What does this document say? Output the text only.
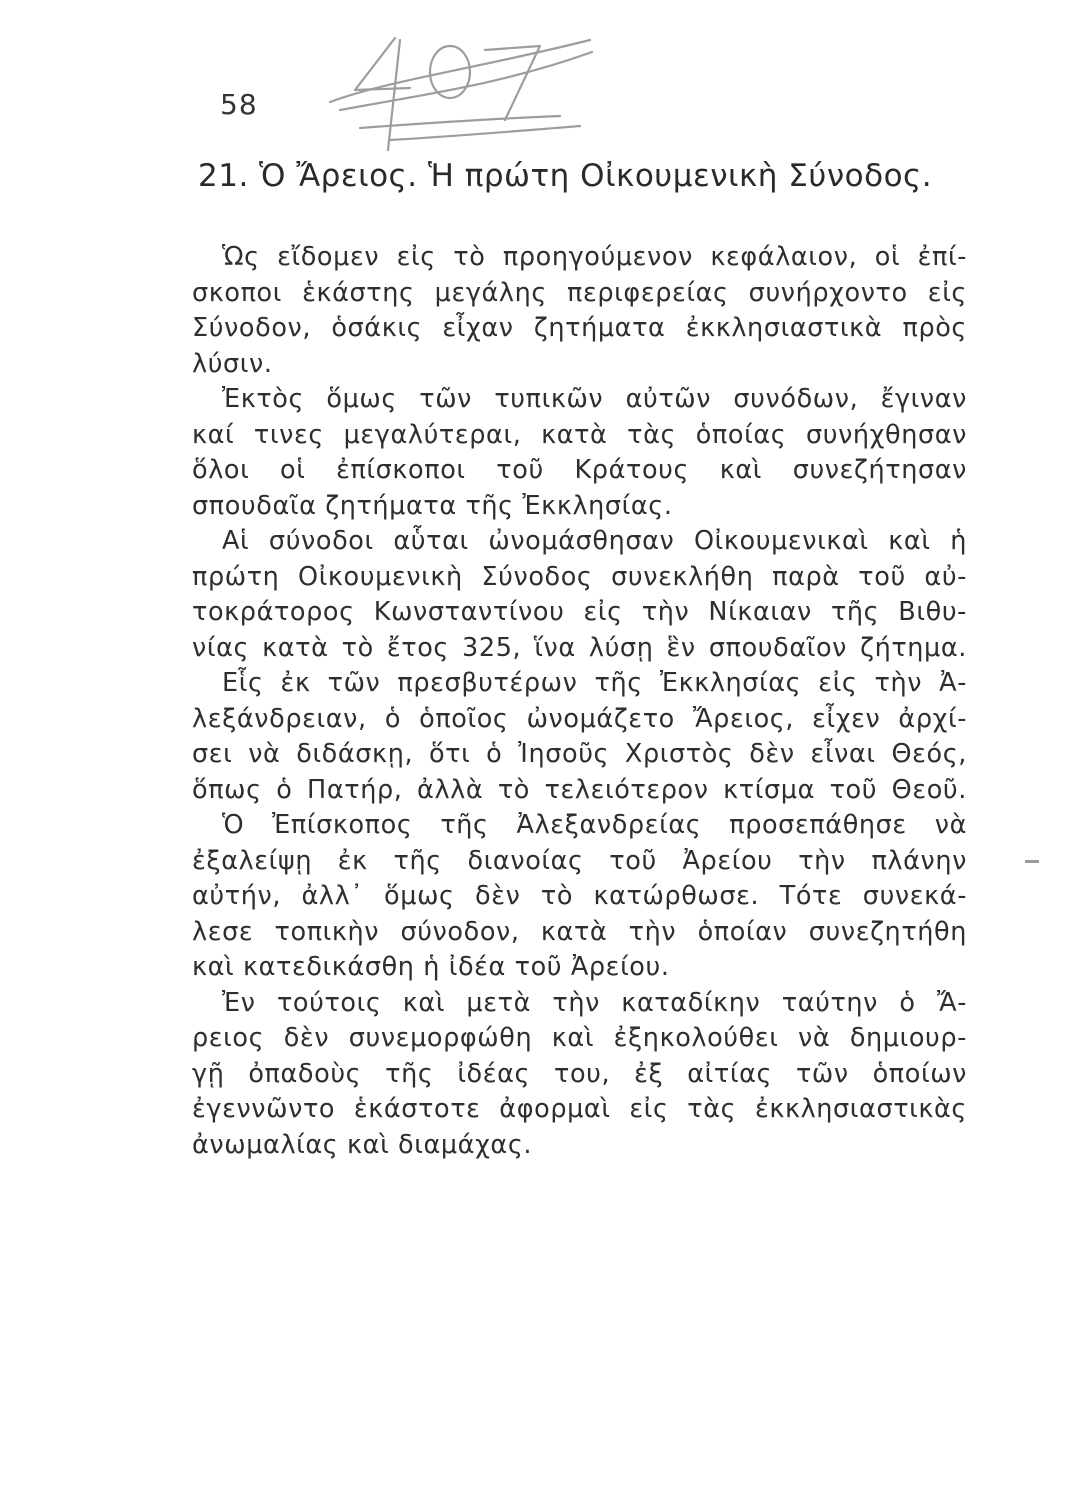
58
21. Ὁ Ἄρειος. Ἡ πρώτη Οἰκουμενικὴ Σύνοδος.
Ὡς εἴδομεν εἰς τὸ προηγούμενον κεφάλαιον, οἱ ἐπί-
σκοποι ἑκάστης μεγάλης περιφερείας συνήρχοντο εἰς
Σύνοδον, ὁσάκις εἶχαν ζητήματα ἐκκλησιαστικὰ πρὸς
λύσιν.
Ἐκτὸς ὅμως τῶν τυπικῶν αὐτῶν συνόδων, ἔγιναν
καί τινες μεγαλύτεραι, κατὰ τὰς ὁποίας συνήχθησαν
ὅλοι οἱ ἐπίσκοποι τοῦ Κράτους καὶ συνεζήτησαν
σπουδαῖα ζητήματα τῆς Ἐκκλησίας.
Αἱ σύνοδοι αὗται ὠνομάσθησαν Οἰκουμενικαὶ καὶ ἡ
πρώτη Οἰκουμενικὴ Σύνοδος συνεκλήθη παρὰ τοῦ αὐ-
τοκράτορος Κωνσταντίνου εἰς τὴν Νίκαιαν τῆς Βιθυ-
νίας κατὰ τὸ ἔτος 325, ἵνα λύσῃ ἓν σπουδαῖον ζήτημα.
Εἷς ἐκ τῶν πρεσβυτέρων τῆς Ἐκκλησίας εἰς τὴν Ἀ-
λεξάνδρειαν, ὁ ὁποῖος ὠνομάζετο Ἄρειος, εἶχεν ἀρχί-
σει νὰ διδάσκῃ, ὅτι ὁ Ἰησοῦς Χριστὸς δὲν εἶναι Θεός,
ὅπως ὁ Πατήρ, ἀλλὰ τὸ τελειότερον κτίσμα τοῦ Θεοῦ.
Ὁ Ἐπίσκοπος τῆς Ἀλεξανδρείας προσεπάθησε νὰ
ἐξαλείψῃ ἐκ τῆς διανοίας τοῦ Ἀρείου τὴν πλάνην
αὐτήν, ἀλλ᾿ ὅμως δὲν τὸ κατώρθωσε. Τότε συνεκά-
λεσε τοπικὴν σύνοδον, κατὰ τὴν ὁποίαν συνεζητήθη
καὶ κατεδικάσθη ἡ ἰδέα τοῦ Ἀρείου.
Ἐν τούτοις καὶ μετὰ τὴν καταδίκην ταύτην ὁ Ἄ-
ρειος δὲν συνεμορφώθη καὶ ἐξηκολούθει νὰ δημιουρ-
γῇ ὀπαδοὺς τῆς ἰδέας του, ἐξ αἰτίας τῶν ὁποίων
ἐγεννῶντο ἑκάστοτε ἀφορμαὶ εἰς τὰς ἐκκλησιαστικὰς
ἀνωμαλίας καὶ διαμάχας.
